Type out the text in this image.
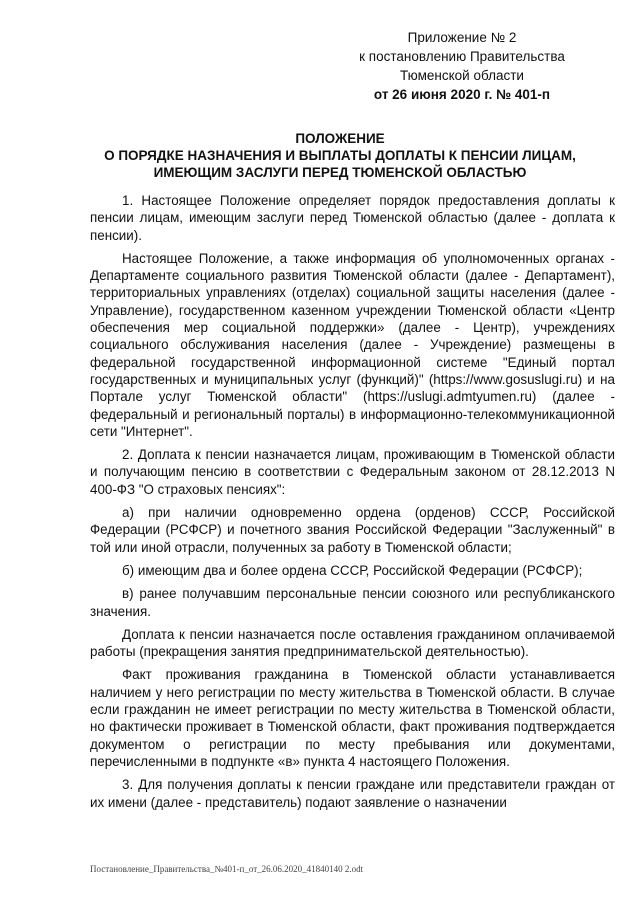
Приложение № 2
к постановлению Правительства
Тюменской области
от 26 июня 2020 г. № 401-п
ПОЛОЖЕНИЕ
О ПОРЯДКЕ НАЗНАЧЕНИЯ И ВЫПЛАТЫ ДОПЛАТЫ К ПЕНСИИ ЛИЦАМ,
ИМЕЮЩИМ ЗАСЛУГИ ПЕРЕД ТЮМЕНСКОЙ ОБЛАСТЬЮ

1. Настоящее Положение определяет порядок предоставления доплаты к пенсии лицам, имеющим заслуги перед Тюменской областью (далее - доплата к пенсии).

Настоящее Положение, а также информация об уполномоченных органах - Департаменте социального развития Тюменской области (далее - Департамент), территориальных управлениях (отделах) социальной защиты населения (далее - Управление), государственном казенном учреждении Тюменской области «Центр обеспечения мер социальной поддержки» (далее - Центр), учреждениях социального обслуживания населения (далее - Учреждение) размещены в федеральной государственной информационной системе "Единый портал государственных и муниципальных услуг (функций)" (https://www.gosuslugi.ru) и на Портале услуг Тюменской области" (https://uslugi.admtyumen.ru) (далее - федеральный и региональный порталы) в информационно-телекоммуникационной сети "Интернет".

2. Доплата к пенсии назначается лицам, проживающим в Тюменской области и получающим пенсию в соответствии с Федеральным законом от 28.12.2013 N 400-ФЗ "О страховых пенсиях":

а) при наличии одновременно ордена (орденов) СССР, Российской Федерации (РСФСР) и почетного звания Российской Федерации "Заслуженный" в той или иной отрасли, полученных за работу в Тюменской области;

б) имеющим два и более ордена СССР, Российской Федерации (РСФСР);

в) ранее получавшим персональные пенсии союзного или республиканского значения.

Доплата к пенсии назначается после оставления гражданином оплачиваемой работы (прекращения занятия предпринимательской деятельностью).

Факт проживания гражданина в Тюменской области устанавливается наличием у него регистрации по месту жительства в Тюменской области. В случае если гражданин не имеет регистрации по месту жительства в Тюменской области, но фактически проживает в Тюменской области, факт проживания подтверждается документом о регистрации по месту пребывания или документами, перечисленными в подпункте «в» пункта 4 настоящего Положения.

3. Для получения доплаты к пенсии граждане или представители граждан от их имени (далее - представитель) подают заявление о назначении

Постановление_Правительства_№401-п_от_26.06.2020_41840140 2.odt
